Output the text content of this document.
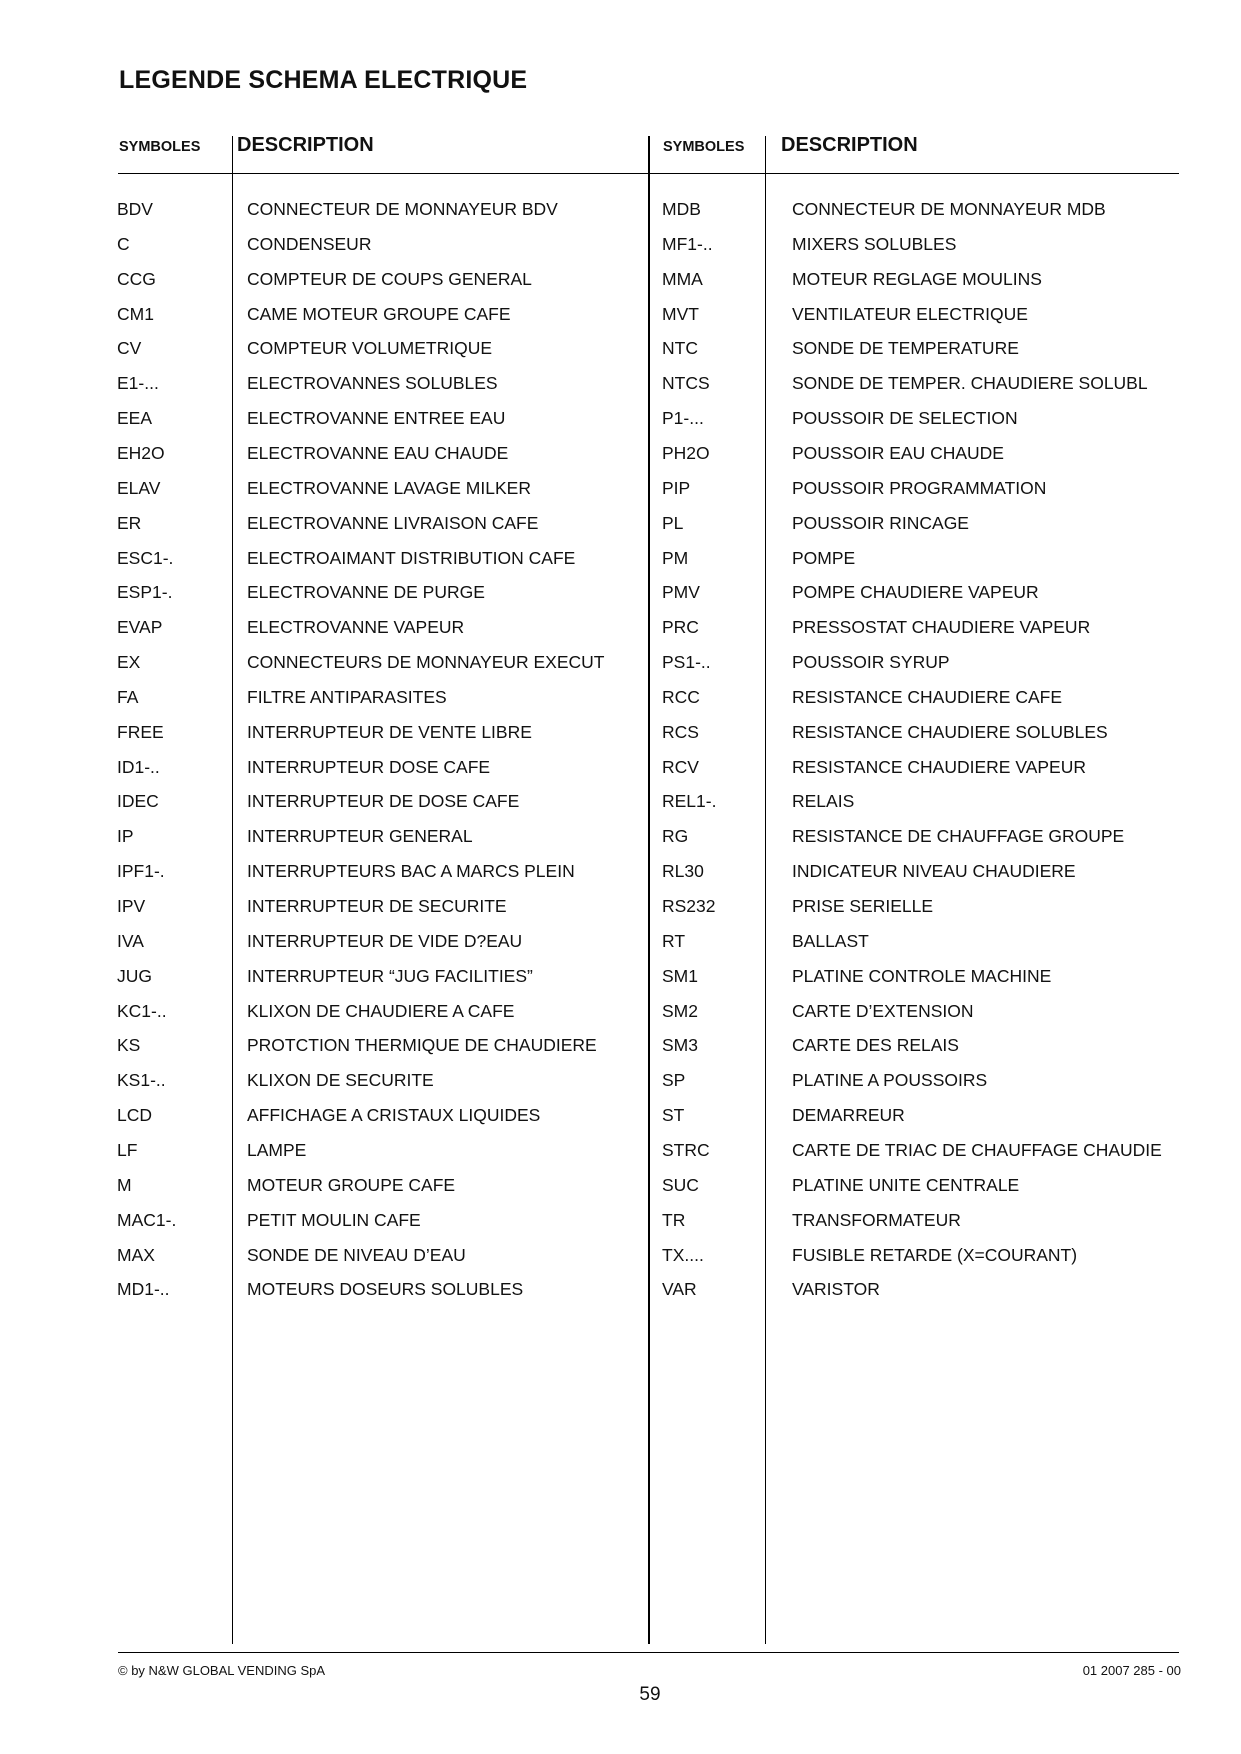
LEGENDE SCHEMA ELECTRIQUE
SYMBOLES DESCRIPTION	SYMBOLES DESCRIPTION
BDV	CONNECTEUR DE MONNAYEUR BDV
C	CONDENSEUR
CCG	COMPTEUR DE COUPS GENERAL
CM1	CAME MOTEUR GROUPE CAFE
CV	COMPTEUR VOLUMETRIQUE
E1-...	ELECTROVANNES SOLUBLES
EEA	ELECTROVANNE ENTREE EAU
EH2O	ELECTROVANNE EAU CHAUDE
ELAV	ELECTROVANNE LAVAGE MILKER
ER	ELECTROVANNE LIVRAISON CAFE
ESC1-.	ELECTROAIMANT DISTRIBUTION CAFE
ESP1-.	ELECTROVANNE DE PURGE
EVAP	ELECTROVANNE VAPEUR
EX	CONNECTEURS DE MONNAYEUR EXECUT
FA	FILTRE ANTIPARASITES
FREE	INTERRUPTEUR DE VENTE LIBRE
ID1-..	INTERRUPTEUR DOSE CAFE
IDEC	INTERRUPTEUR DE DOSE CAFE
IP	INTERRUPTEUR GENERAL
IPF1-.	INTERRUPTEURS BAC A MARCS PLEIN
IPV	INTERRUPTEUR DE SECURITE
IVA	INTERRUPTEUR DE VIDE D?EAU
JUG	INTERRUPTEUR “JUG FACILITIES”
KC1-..	KLIXON DE CHAUDIERE A CAFE
KS	PROTCTION THERMIQUE DE CHAUDIERE
KS1-..	KLIXON DE SECURITE
LCD	AFFICHAGE A CRISTAUX LIQUIDES
LF	LAMPE
M	MOTEUR GROUPE CAFE
MAC1-.	PETIT MOULIN CAFE
MAX	SONDE DE NIVEAU D’EAU
MD1-..	MOTEURS DOSEURS SOLUBLES
MDB	CONNECTEUR DE MONNAYEUR MDB
MF1-..	MIXERS SOLUBLES
MMA	MOTEUR REGLAGE MOULINS
MVT	VENTILATEUR ELECTRIQUE
NTC	SONDE DE TEMPERATURE
NTCS	SONDE DE TEMPER. CHAUDIERE SOLUBL
P1-...	POUSSOIR DE SELECTION
PH2O	POUSSOIR EAU CHAUDE
PIP	POUSSOIR PROGRAMMATION
PL	POUSSOIR RINCAGE
PM	POMPE
PMV	POMPE CHAUDIERE VAPEUR
PRC	PRESSOSTAT CHAUDIERE VAPEUR
PS1-..	POUSSOIR SYRUP
RCC	RESISTANCE CHAUDIERE CAFE
RCS	RESISTANCE CHAUDIERE SOLUBLES
RCV	RESISTANCE CHAUDIERE VAPEUR
REL1-.	RELAIS
RG	RESISTANCE DE CHAUFFAGE GROUPE
RL30	INDICATEUR NIVEAU CHAUDIERE
RS232	PRISE SERIELLE
RT	BALLAST
SM1	PLATINE CONTROLE MACHINE
SM2	CARTE D’EXTENSION
SM3	CARTE DES RELAIS
SP	PLATINE A POUSSOIRS
ST	DEMARREUR
STRC	CARTE DE TRIAC DE CHAUFFAGE CHAUDIE
SUC	PLATINE UNITE CENTRALE
TR	TRANSFORMATEUR
TX....	FUSIBLE RETARDE (X=COURANT)
VAR	VARISTOR
© by N&W GLOBAL VENDING SpA	01 2007 285 - 00
59
